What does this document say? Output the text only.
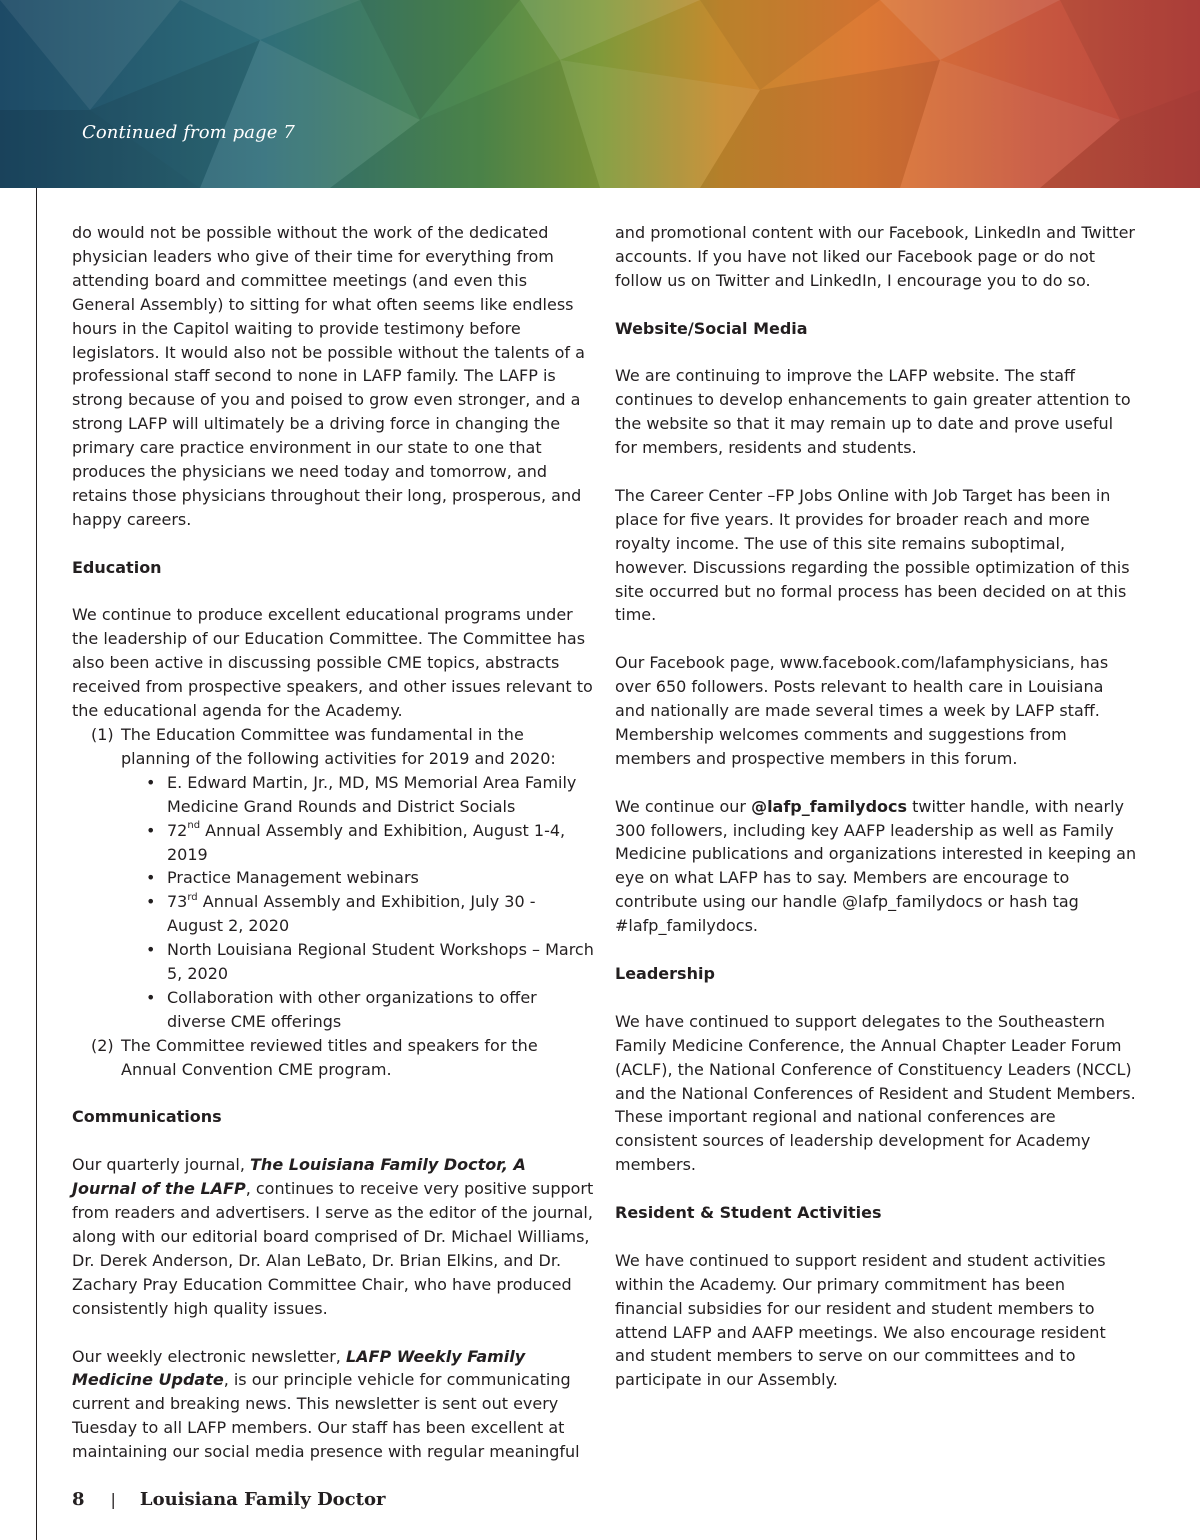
Continued from page 7

do would not be possible without the work of the dedicated physician leaders who give of their time for everything from attending board and committee meetings (and even this General Assembly) to sitting for what often seems like endless hours in the Capitol waiting to provide testimony before legislators. It would also not be possible without the talents of a professional staff second to none in LAFP family. The LAFP is strong because of you and poised to grow even stronger, and a strong LAFP will ultimately be a driving force in changing the primary care practice environment in our state to one that produces the physicians we need today and tomorrow, and retains those physicians throughout their long, prosperous, and happy careers.

Education

We continue to produce excellent educational programs under the leadership of our Education Committee. The Committee has also been active in discussing possible CME topics, abstracts received from prospective speakers, and other issues relevant to the educational agenda for the Academy.

(1) The Education Committee was fundamental in the planning of the following activities for 2019 and 2020:
• E. Edward Martin, Jr., MD, MS Memorial Area Family Medicine Grand Rounds and District Socials
• 72nd Annual Assembly and Exhibition, August 1-4, 2019
• Practice Management webinars
• 73rd Annual Assembly and Exhibition, July 30 - August 2, 2020
• North Louisiana Regional Student Workshops – March 5, 2020
• Collaboration with other organizations to offer diverse CME offerings
(2) The Committee reviewed titles and speakers for the Annual Convention CME program.
Communications

Our quarterly journal, The Louisiana Family Doctor, A Journal of the LAFP, continues to receive very positive support from readers and advertisers. I serve as the editor of the journal, along with our editorial board comprised of Dr. Michael Williams, Dr. Derek Anderson, Dr. Alan LeBato, Dr. Brian Elkins, and Dr. Zachary Pray Education Committee Chair, who have produced consistently high quality issues.

Our weekly electronic newsletter, LAFP Weekly Family Medicine Update, is our principle vehicle for communicating current and breaking news. This newsletter is sent out every Tuesday to all LAFP members. Our staff has been excellent at maintaining our social media presence with regular meaningful

and promotional content with our Facebook, LinkedIn and Twitter accounts. If you have not liked our Facebook page or do not follow us on Twitter and LinkedIn, I encourage you to do so.

Website/Social Media

We are continuing to improve the LAFP website. The staff continues to develop enhancements to gain greater attention to the website so that it may remain up to date and prove useful for members, residents and students.

The Career Center –FP Jobs Online with Job Target has been in place for five years. It provides for broader reach and more royalty income. The use of this site remains suboptimal, however. Discussions regarding the possible optimization of this site occurred but no formal process has been decided on at this time.

Our Facebook page, www.facebook.com/lafamphysicians, has over 650 followers. Posts relevant to health care in Louisiana and nationally are made several times a week by LAFP staff. Membership welcomes comments and suggestions from members and prospective members in this forum.

We continue our @lafp_familydocs twitter handle, with nearly 300 followers, including key AAFP leadership as well as Family Medicine publications and organizations interested in keeping an eye on what LAFP has to say. Members are encourage to contribute using our handle @lafp_familydocs or hash tag #lafp_familydocs.

Leadership

We have continued to support delegates to the Southeastern Family Medicine Conference, the Annual Chapter Leader Forum (ACLF), the National Conference of Constituency Leaders (NCCL) and the National Conferences of Resident and Student Members. These important regional and national conferences are consistent sources of leadership development for Academy members.

Resident & Student Activities

We have continued to support resident and student activities within the Academy. Our primary commitment has been financial subsidies for our resident and student members to attend LAFP and AAFP meetings. We also encourage resident and student members to serve on our committees and to participate in our Assembly.

8 | Louisiana Family Doctor
